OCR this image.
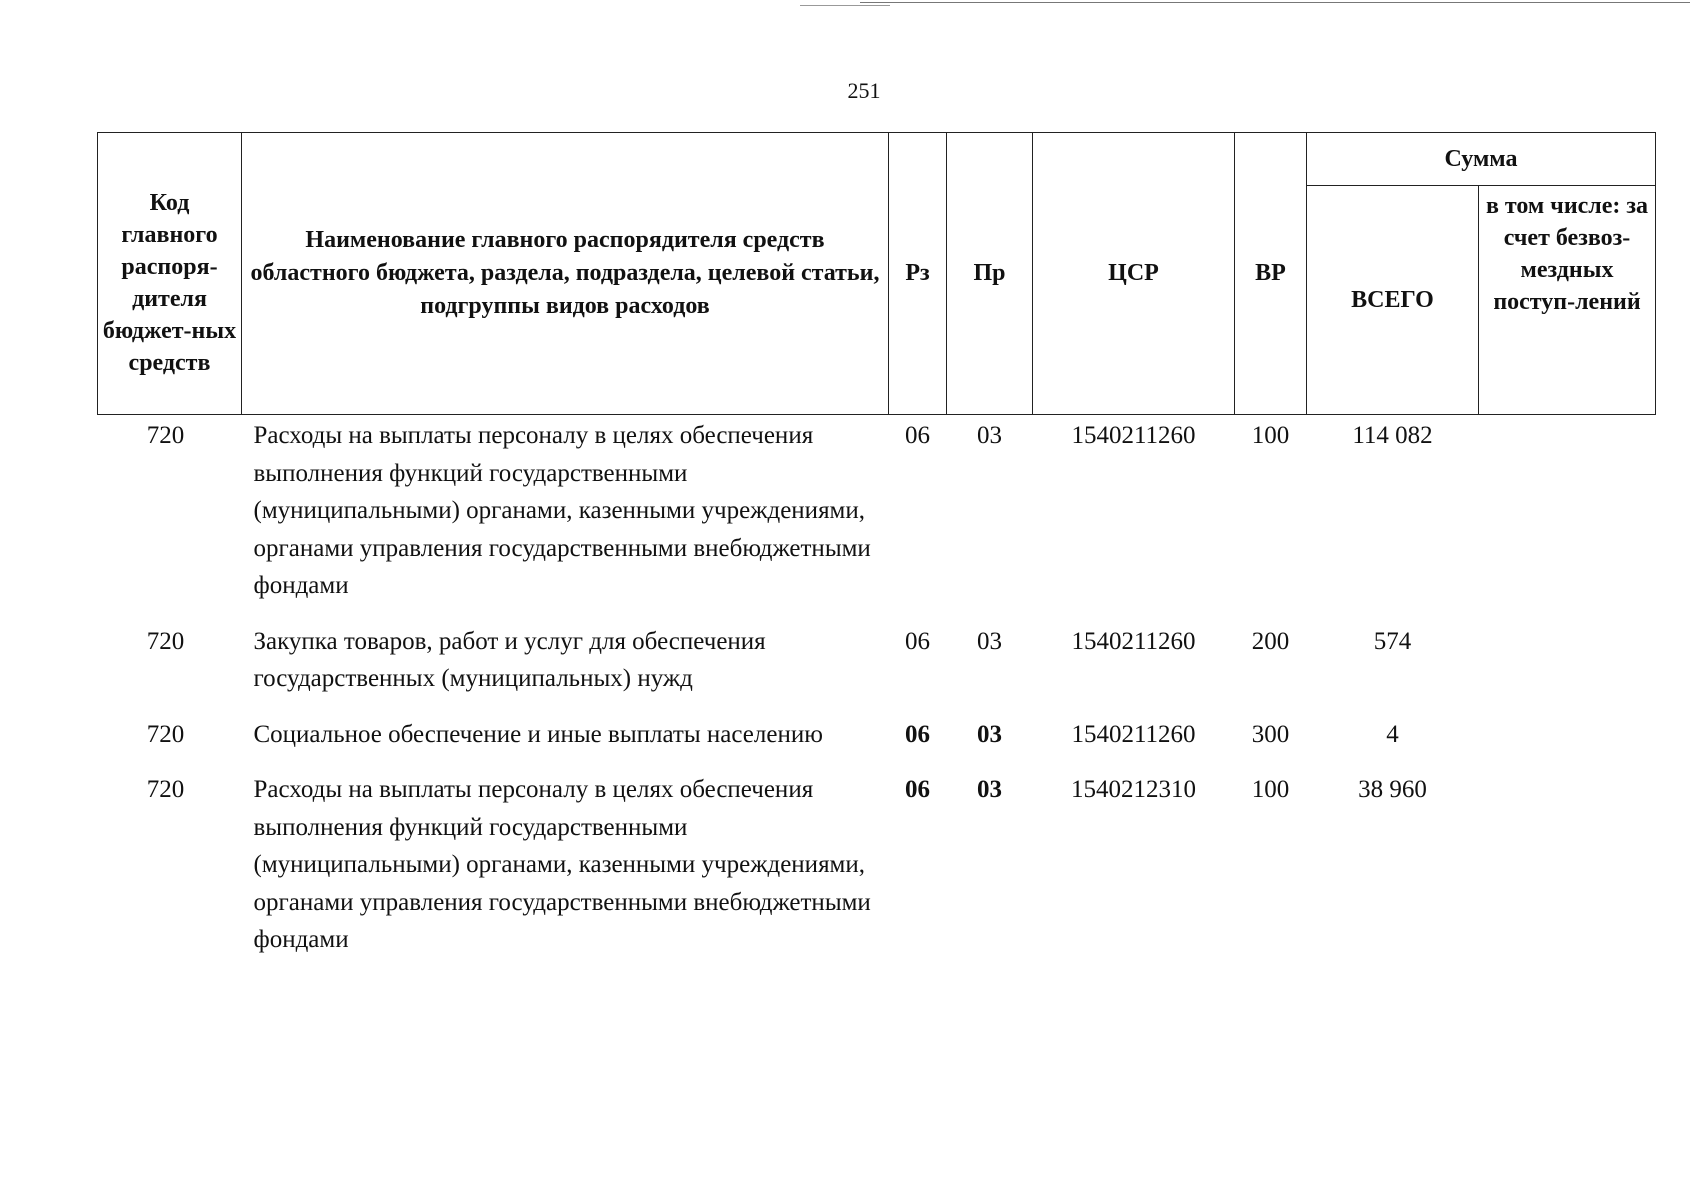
251
Код главного распоря-дителя бюджет-ных средств	Наименование главного распорядителя средств областного бюджета, раздела, подраздела, целевой статьи, подгруппы видов расходов	Рз	Пр	ЦСР	ВР	Сумма	
						ВСЕГО	в том числе: за счет безвоз-мездных поступ-лений
720	Расходы на выплаты персоналу в целях обеспечения выполнения функций государственными (муниципальными) органами, казенными учреждениями, органами управления государственными внебюджетными фондами	06	03	1540211260	100	114 082	
720	Закупка товаров, работ и услуг для обеспечения государственных (муниципальных) нужд	06	03	1540211260	200	574	
720	Социальное обеспечение и иные выплаты населению	06	03	1540211260	300	4	
720	Расходы на выплаты персоналу в целях обеспечения выполнения функций государственными (муниципальными) органами, казенными учреждениями, органами управления государственными внебюджетными фондами	06	03	1540212310	100	38 960	
